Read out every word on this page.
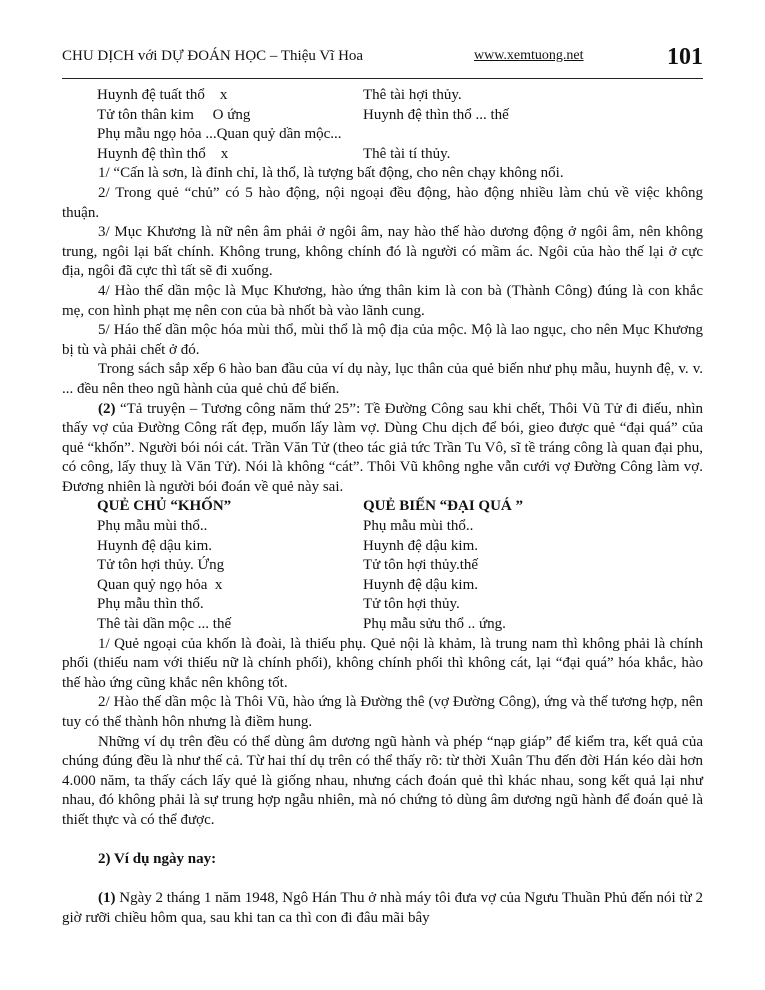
CHU DỊCH với DỰ ĐOÁN HỌC – Thiệu Vĩ Hoa	www.xemtuong.net	101
Huynh đệ tuất thổ    x	Thê tài hợi thủy.
Tử tôn thân kim     O ứng	Huynh đệ thìn thổ ... thế
Phụ mẫu ngọ hỏa ...Quan quỷ dần mộc...
Huynh đệ thìn thổ    x	Thê tài tí thủy.

1/ “Cấn là sơn, là đỉnh chỉ, là thổ, là tượng bất động, cho nên chạy không nổi.

2/ Trong quẻ “chủ” có 5 hào động, nội ngoại đều động, hào động nhiều làm chủ về việc không thuận.

3/ Mục Khương là nữ nên âm phải ở ngôi âm, nay hào thế hào dương động ở ngôi âm, nên không trung, ngôi lại bất chính. Không trung, không chính đó là người có mầm ác. Ngôi của hào thế lại ở cực địa, ngôi đã cực thì tất sẽ đi xuống.

4/ Hào thế dần mộc là Mục Khương, hào ứng thân kim là con bà (Thành Công) đúng là con khắc mẹ, con hình phạt mẹ nên con của bà nhốt bà vào lãnh cung.

5/ Háo thế dần mộc hóa mùi thổ, mùi thổ là mộ địa của mộc. Mộ là lao ngục, cho nên Mục Khương bị tù và phải chết ở đó.

Trong sách sắp xếp 6 hào ban đầu của ví dụ này, lục thân của quẻ biến như phụ mẫu, huynh đệ, v. v. ... đều nên theo ngũ hành của quẻ chủ để biến.

(2) “Tả truyện – Tương công năm thứ 25”: Tề Đường Công sau khi chết, Thôi Vũ Tử đi điếu, nhìn thấy vợ của Đường Công rất đẹp, muốn lấy làm vợ. Dùng Chu dịch để bói, gieo được quẻ “đại quá” của quẻ “khốn”. Người bói nói cát. Trần Văn Tử (theo tác giả tức Trần Tu Vô, sĩ tề tráng công là quan đại phu, có công, lấy thuỵ là Văn Tử). Nói là không “cát”. Thôi Vũ không nghe vẫn cưới vợ Đường Công làm vợ. Đương nhiên là người bói đoán về quẻ này sai.

QUẺ CHỦ “KHỐN”	QUẺ BIẾN “ĐẠI QUÁ ”
Phụ mẫu mùi thổ..	Phụ mẫu mùi thổ..
Huynh đệ dậu kim.	Huynh đệ dậu kim.
Tử tôn hợi thủy. Ứng	Tử tôn hợi thủy.thế
Quan quỷ ngọ hỏa  x	Huynh đệ dậu kim.
Phụ mẫu thìn thổ.	Tử tôn hợi thủy.
Thê tài dần mộc ... thế	Phụ mẫu sửu thổ .. ứng.

1/ Quẻ ngoại của khốn là đoài, là thiếu phụ. Quẻ nội là khảm, là trung nam thì không phải là chính phối (thiếu nam với thiếu nữ là chính phối), không chính phối thì không cát, lại “đại quá” hóa khắc, hào thế hào ứng cũng khắc nên không tốt.

2/ Hào thế dần mộc là Thôi Vũ, hào ứng là Đường thê (vợ Đường Công), ứng và thế tương hợp, nên tuy có thể thành hôn nhưng là điềm hung.

Những ví dụ trên đều có thể dùng âm dương ngũ hành và phép “nạp giáp” để kiểm tra, kết quả của chúng đúng đều là như thế cả. Từ hai thí dụ trên có thể thấy rõ: từ thời Xuân Thu đến đời Hán kéo dài hơn 4.000 năm, ta thấy cách lấy quẻ là giống nhau, nhưng cách đoán quẻ thì khác nhau, song kết quả lại như nhau, đó không phải là sự trung hợp ngẫu nhiên, mà nó chứng tỏ dùng âm dương ngũ hành để đoán quẻ là thiết thực và có thể được.

2) Ví dụ ngày nay:

(1) Ngày 2 tháng 1 năm 1948, Ngô Hán Thu ở nhà máy tôi đưa vợ của Ngưu Thuần Phủ đến nói từ 2 giờ rưỡi chiều hôm qua, sau khi tan ca thì con đi đâu mãi bây
